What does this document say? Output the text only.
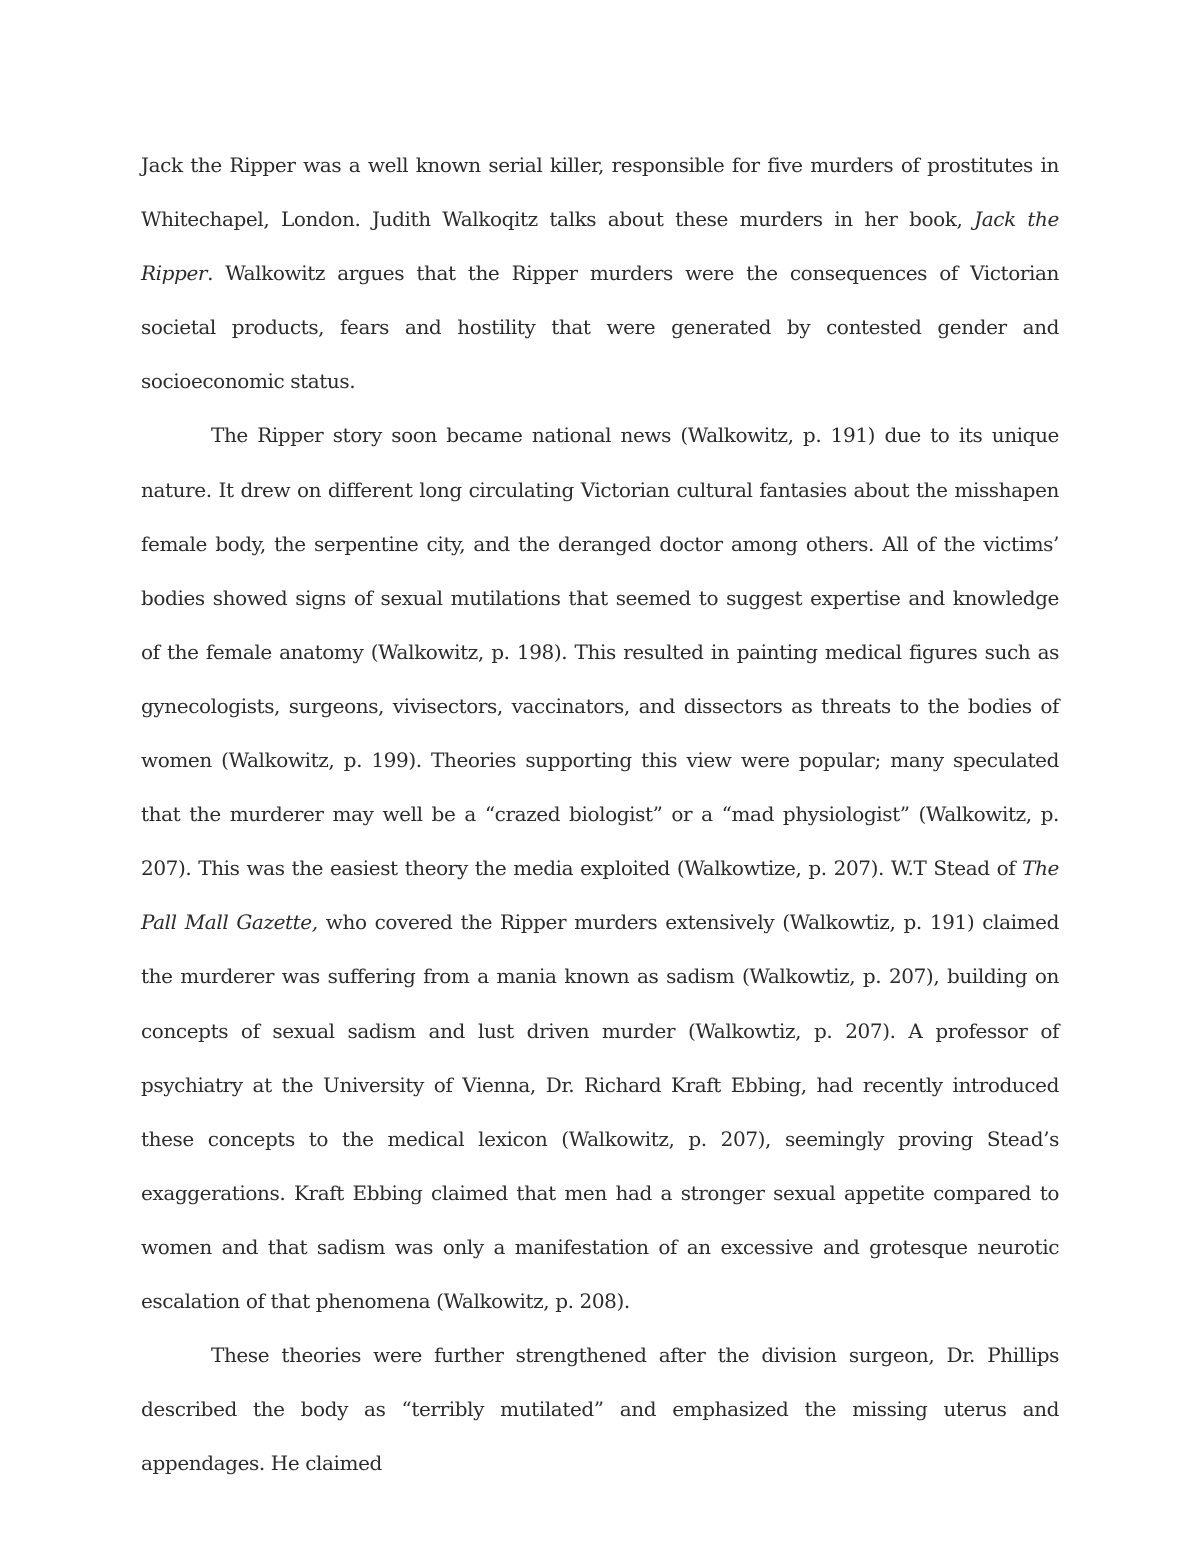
Jack the Ripper was a well known serial killer, responsible for five murders of prostitutes in Whitechapel, London. Judith Walkoqitz talks about these murders in her book, Jack the Ripper. Walkowitz argues that the Ripper murders were the consequences of Victorian societal products, fears and hostility that were generated by contested gender and socioeconomic status.

The Ripper story soon became national news (Walkowitz, p. 191) due to its unique nature. It drew on different long circulating Victorian cultural fantasies about the misshapen female body, the serpentine city, and the deranged doctor among others. All of the victims’ bodies showed signs of sexual mutilations that seemed to suggest expertise and knowledge of the female anatomy (Walkowitz, p. 198). This resulted in painting medical figures such as gynecologists, surgeons, vivisectors, vaccinators, and dissectors as threats to the bodies of women (Walkowitz, p. 199). Theories supporting this view were popular; many speculated that the murderer may well be a “crazed biologist” or a “mad physiologist” (Walkowitz, p. 207). This was the easiest theory the media exploited (Walkowtize, p. 207). W.T Stead of The Pall Mall Gazette, who covered the Ripper murders extensively (Walkowtiz, p. 191) claimed the murderer was suffering from a mania known as sadism (Walkowtiz, p. 207), building on concepts of sexual sadism and lust driven murder (Walkowtiz, p. 207). A professor of psychiatry at the University of Vienna, Dr. Richard Kraft Ebbing, had recently introduced these concepts to the medical lexicon (Walkowitz, p. 207), seemingly proving Stead’s exaggerations. Kraft Ebbing claimed that men had a stronger sexual appetite compared to women and that sadism was only a manifestation of an excessive and grotesque neurotic escalation of that phenomena (Walkowitz, p. 208).

These theories were further strengthened after the division surgeon, Dr. Phillips described the body as “terribly mutilated” and emphasized the missing uterus and appendages. He claimed
